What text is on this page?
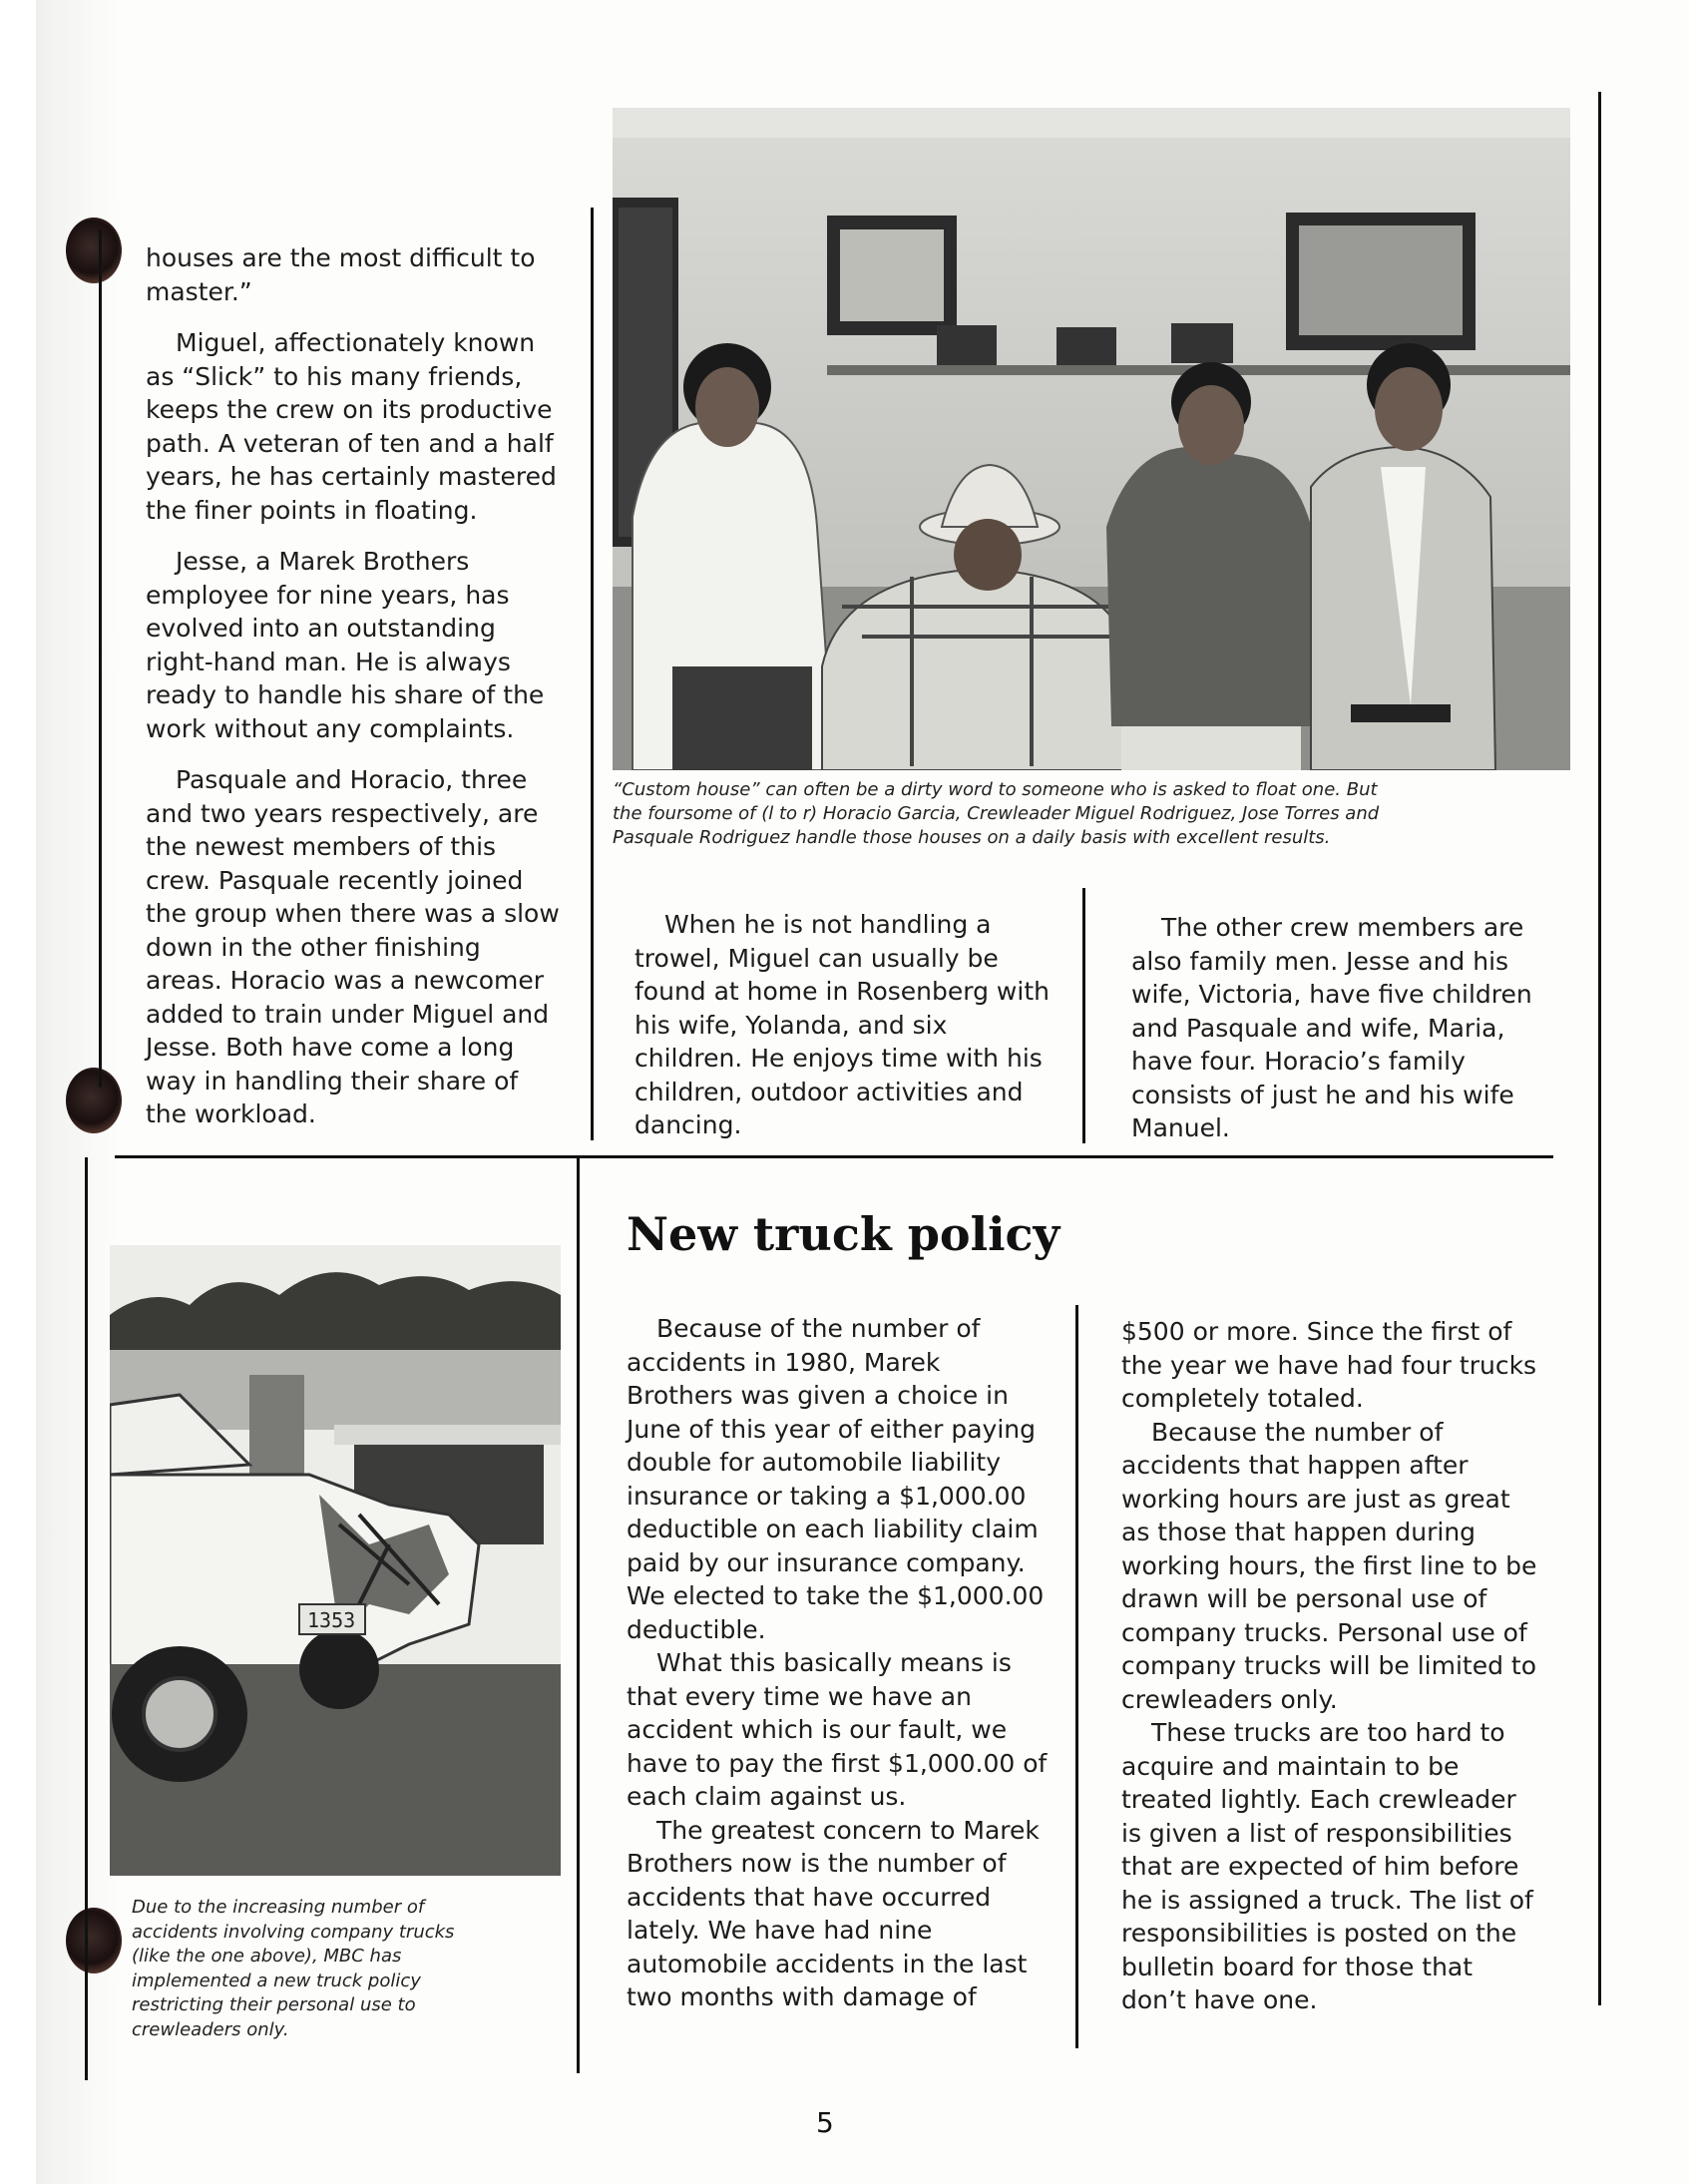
houses are the most difficult to master.”

Miguel, affectionately known as “Slick” to his many friends, keeps the crew on its productive path. A veteran of ten and a half years, he has certainly mastered the finer points in floating.

Jesse, a Marek Brothers employee for nine years, has evolved into an outstanding right-hand man. He is always ready to handle his share of the work without any complaints.

Pasquale and Horacio, three and two years respectively, are the newest members of this crew. Pasquale recently joined the group when there was a slow down in the other finishing areas. Horacio was a newcomer added to train under Miguel and Jesse. Both have come a long way in handling their share of the workload.

“Custom house” can often be a dirty word to someone who is asked to float one. But the foursome of (l to r) Horacio Garcia, Crewleader Miguel Rodriguez, Jose Torres and Pasquale Rodriguez handle those houses on a daily basis with excellent results.

When he is not handling a trowel, Miguel can usually be found at home in Rosenberg with his wife, Yolanda, and six children. He enjoys time with his children, outdoor activities and dancing.

The other crew members are also family men. Jesse and his wife, Victoria, have five children and Pasquale and wife, Maria, have four. Horacio’s family consists of just he and his wife Manuel.

1353
Due to the increasing number of accidents involving company trucks (like the one above), MBC has implemented a new truck policy restricting their personal use to crewleaders only.
New truck policy

Because of the number of accidents in 1980, Marek Brothers was given a choice in June of this year of either paying double for automobile liability insurance or taking a $1,000.00 deductible on each liability claim paid by our insurance company. We elected to take the $1,000.00 deductible.

What this basically means is that every time we have an accident which is our fault, we have to pay the first $1,000.00 of each claim against us.

The greatest concern to Marek Brothers now is the number of accidents that have occurred lately. We have had nine automobile accidents in the last two months with damage of

$500 or more. Since the first of the year we have had four trucks completely totaled.

Because the number of accidents that happen after working hours are just as great as those that happen during working hours, the first line to be drawn will be personal use of company trucks. Personal use of company trucks will be limited to crewleaders only.

These trucks are too hard to acquire and maintain to be treated lightly. Each crewleader is given a list of responsibilities that are expected of him before he is assigned a truck. The list of responsibilities is posted on the bulletin board for those that don’t have one.

5
